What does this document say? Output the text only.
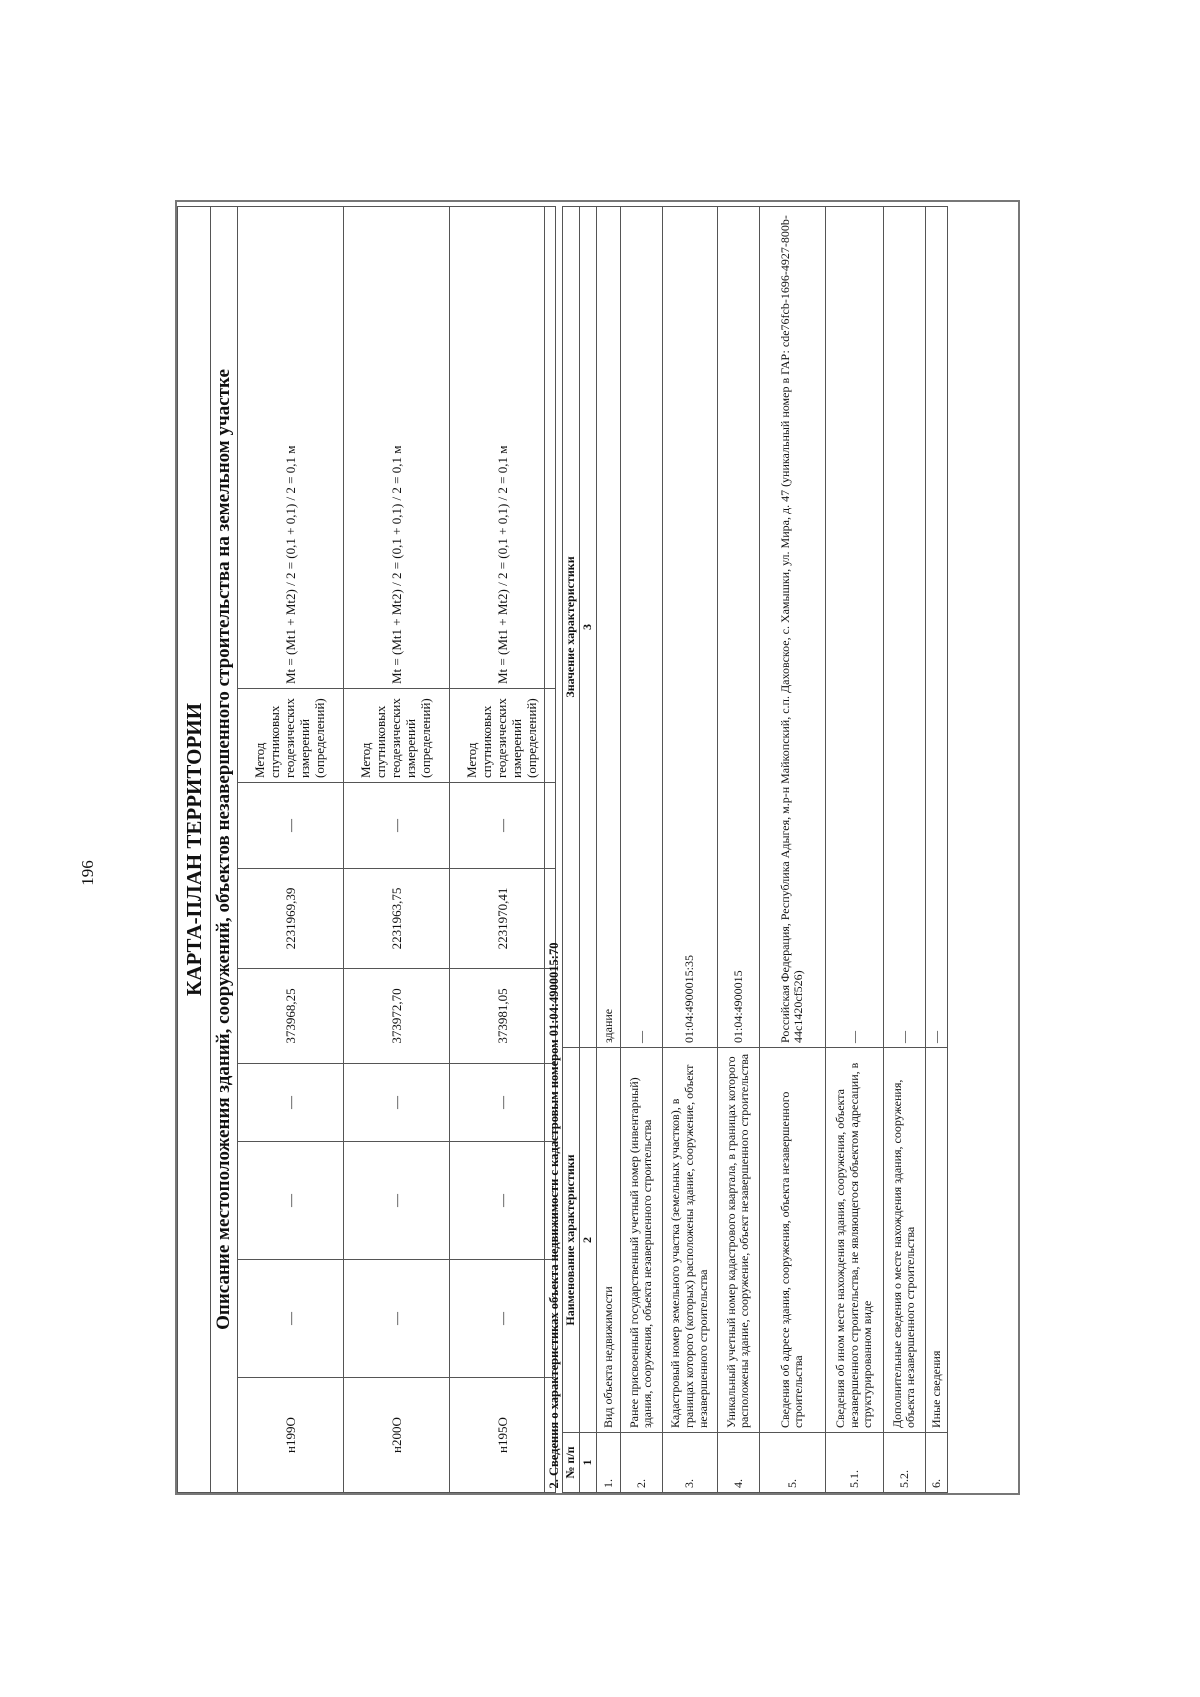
196	КАРТА-ПЛАН ТЕРРИТОРИИ								
Описание местоположения зданий, сооружений, объектов незавершенного строительства на земельном участке								
н199О	—	—	—	373968,25	2231969,39	—	Метод спутниковых геодезических измерений (определений)	Mt = (Mt1 + Mt2) / 2 = (0,1 + 0,1) / 2 = 0,1 м
н200О	—	—	—	373972,70	2231963,75	—	Метод спутниковых геодезических измерений (определений)	Mt = (Mt1 + Mt2) / 2 = (0,1 + 0,1) / 2 = 0,1 м
н195О	—	—	—	373981,05	2231970,41	—	Метод спутниковых геодезических измерений (определений)	Mt = (Mt1 + Mt2) / 2 = (0,1 + 0,1) / 2 = 0,1 м
2. Сведения о характеристиках объекта недвижимости с кадастровым номером 01:04:4900015:70		
№ п/п	Наименование характеристики	Значение характеристики
1	2	3
1.	Вид объекта недвижимости	здание
2.	Ранее присвоенный государственный учетный номер (инвентарный) здания, сооружения, объекта незавершенного строительства	—
3.	Кадастровый номер земельного участка (земельных участков), в границах которого (которых) расположены здание, сооружение, объект незавершенного строительства	01:04:4900015:35
4.	Уникальный учетный номер кадастрового квартала, в границах которого расположены здание, сооружение, объект незавершенного строительства	01:04:4900015
5.	Сведения об адресе здания, сооружения, объекта незавершенного строительства	Российская Федерация, Республика Адыгея, м.р-н Майкопский, с.п. Даховское, с. Хамышки, ул. Мира, д. 47 (уникальный номер в ГАР: cde76fcb-1696-4927-800b-44c1420cf526)
5.1.	Сведения об ином месте нахождения здания, сооружения, объекта незавершенного строительства, не являющегося объектом адресации, в структурированном виде	—
5.2.	Дополнительные сведения о месте нахождения здания, сооружения, объекта незавершенного строительства	—
6.	Иные сведения	—
